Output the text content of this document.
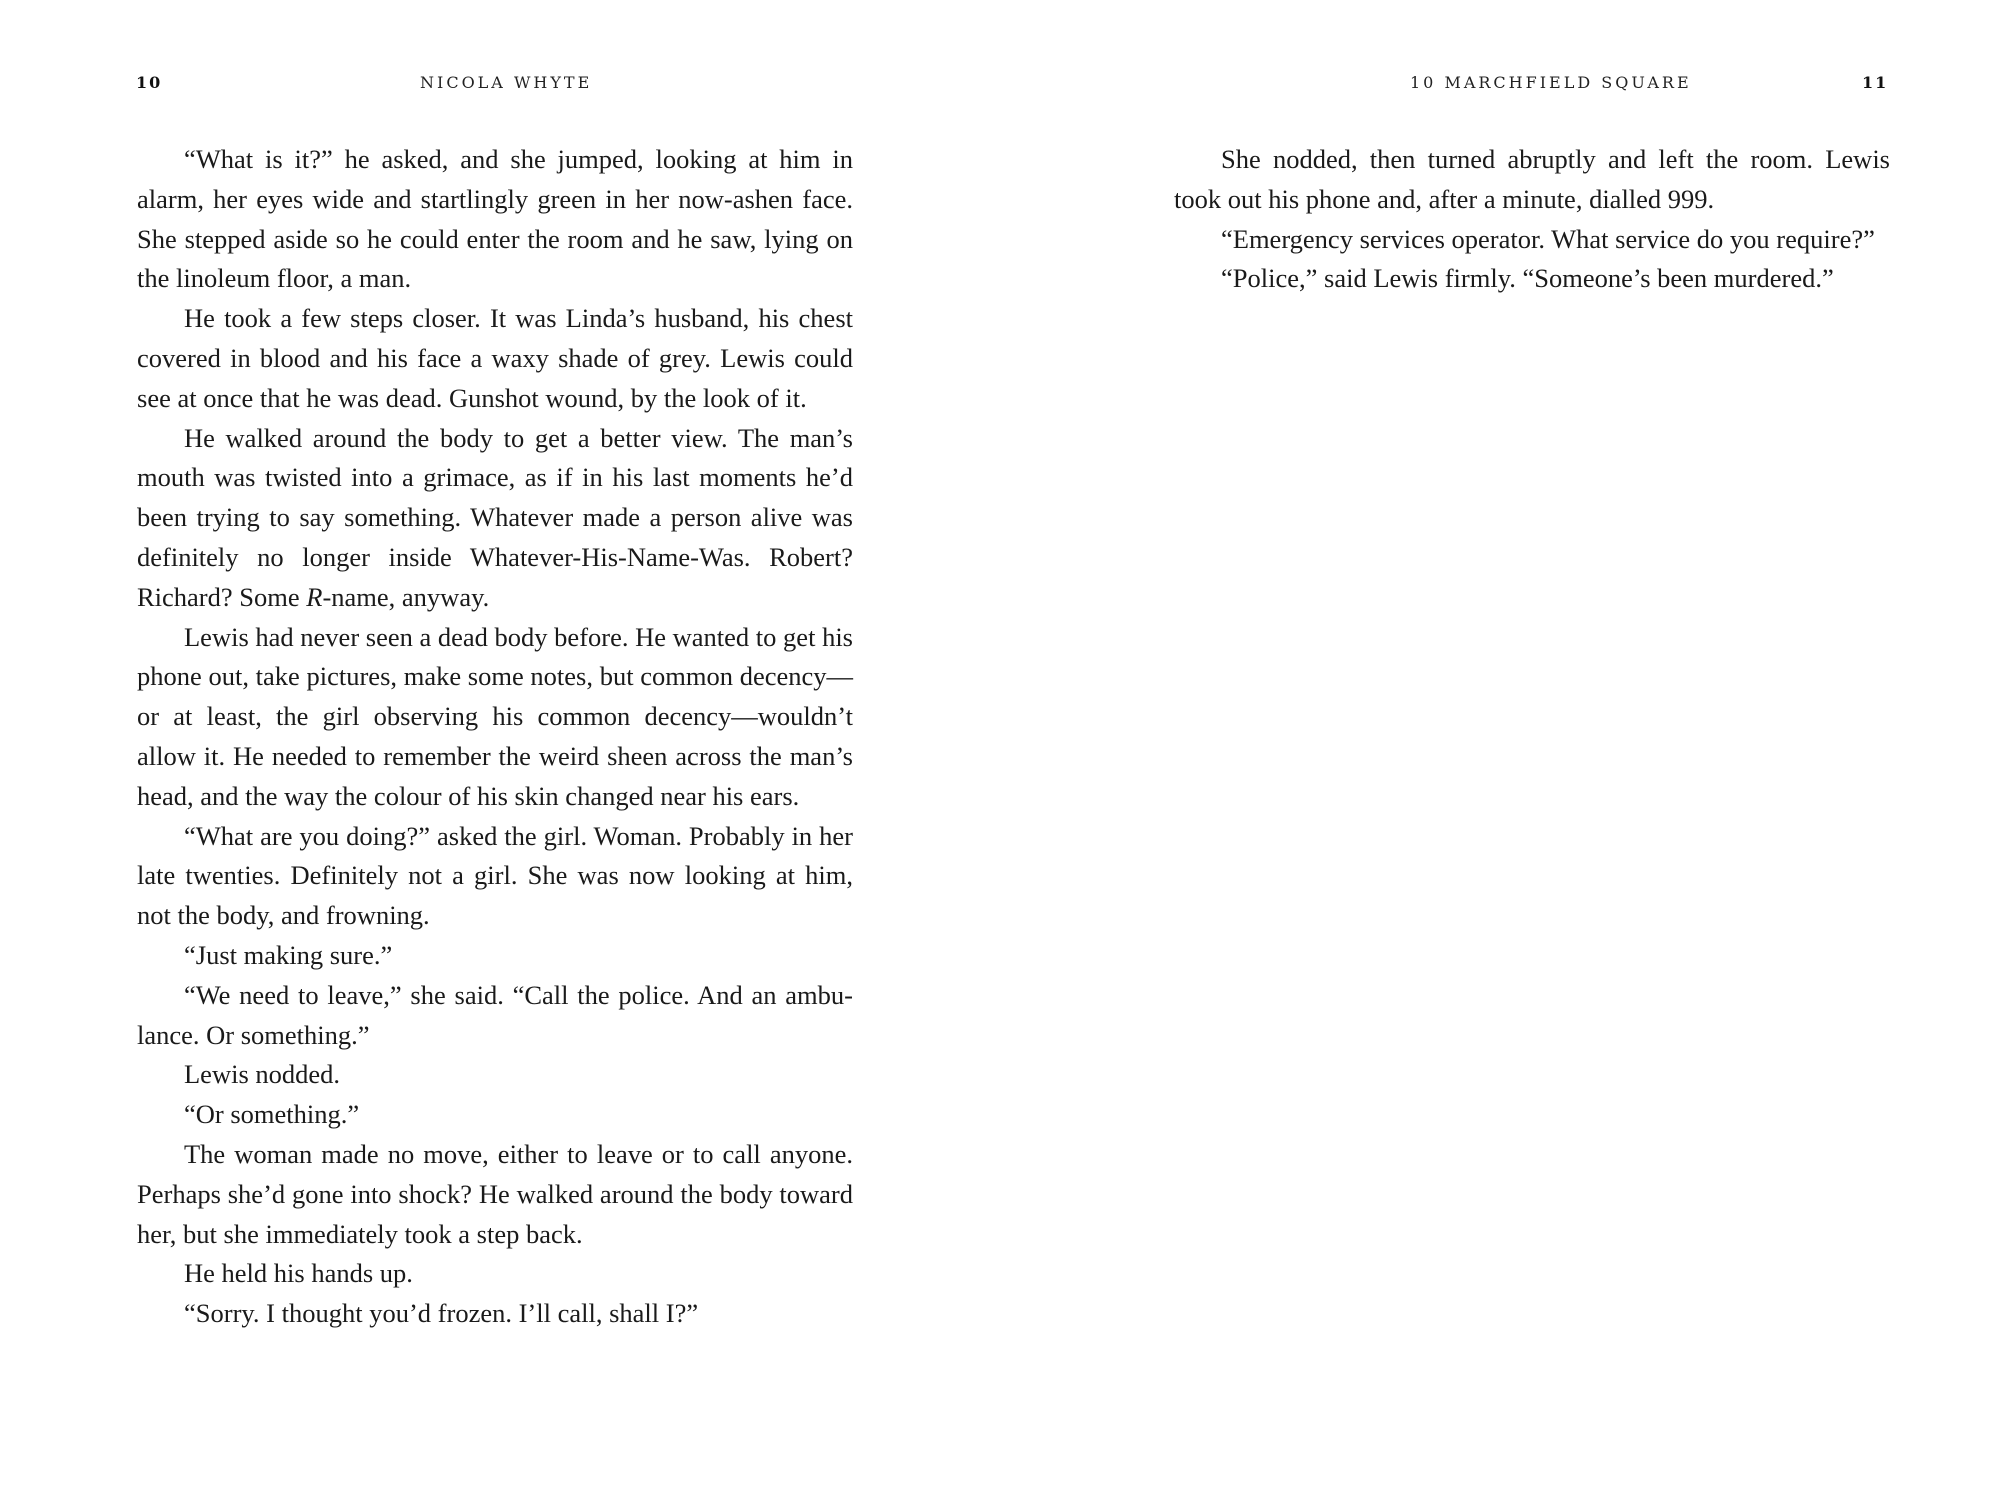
10	NICOLA WHYTE

“What is it?” he asked, and she jumped, looking at him in alarm, her eyes wide and startlingly green in her now-ashen face. She stepped aside so he could enter the room and he saw, lying on the linoleum floor, a man.

He took a few steps closer. It was Linda’s husband, his chest covered in blood and his face a waxy shade of grey. Lewis could see at once that he was dead. Gunshot wound, by the look of it.

He walked around the body to get a better view. The man’s mouth was twisted into a grimace, as if in his last moments he’d been trying to say something. Whatever made a person alive was definitely no longer inside Whatever-His-Name-Was. Robert? Richard? Some R-name, anyway.

Lewis had never seen a dead body before. He wanted to get his phone out, take pictures, make some notes, but common decency—or at least, the girl observing his common decency—wouldn’t allow it. He needed to remember the weird sheen across the man’s head, and the way the colour of his skin changed near his ears.

“What are you doing?” asked the girl. Woman. Probably in her late twenties. Definitely not a girl. She was now looking at him, not the body, and frowning.

“Just making sure.”

“We need to leave,” she said. “Call the police. And an ambulance. Or something.”

Lewis nodded.

“Or something.”

The woman made no move, either to leave or to call anyone. Perhaps she’d gone into shock? He walked around the body toward her, but she immediately took a step back.

He held his hands up.

“Sorry. I thought you’d frozen. I’ll call, shall I?”

10 MARCHFIELD SQUARE	11

She nodded, then turned abruptly and left the room. Lewis took out his phone and, after a minute, dialled 999.

“Emergency services operator. What service do you require?”

“Police,” said Lewis firmly. “Someone’s been murdered.”
